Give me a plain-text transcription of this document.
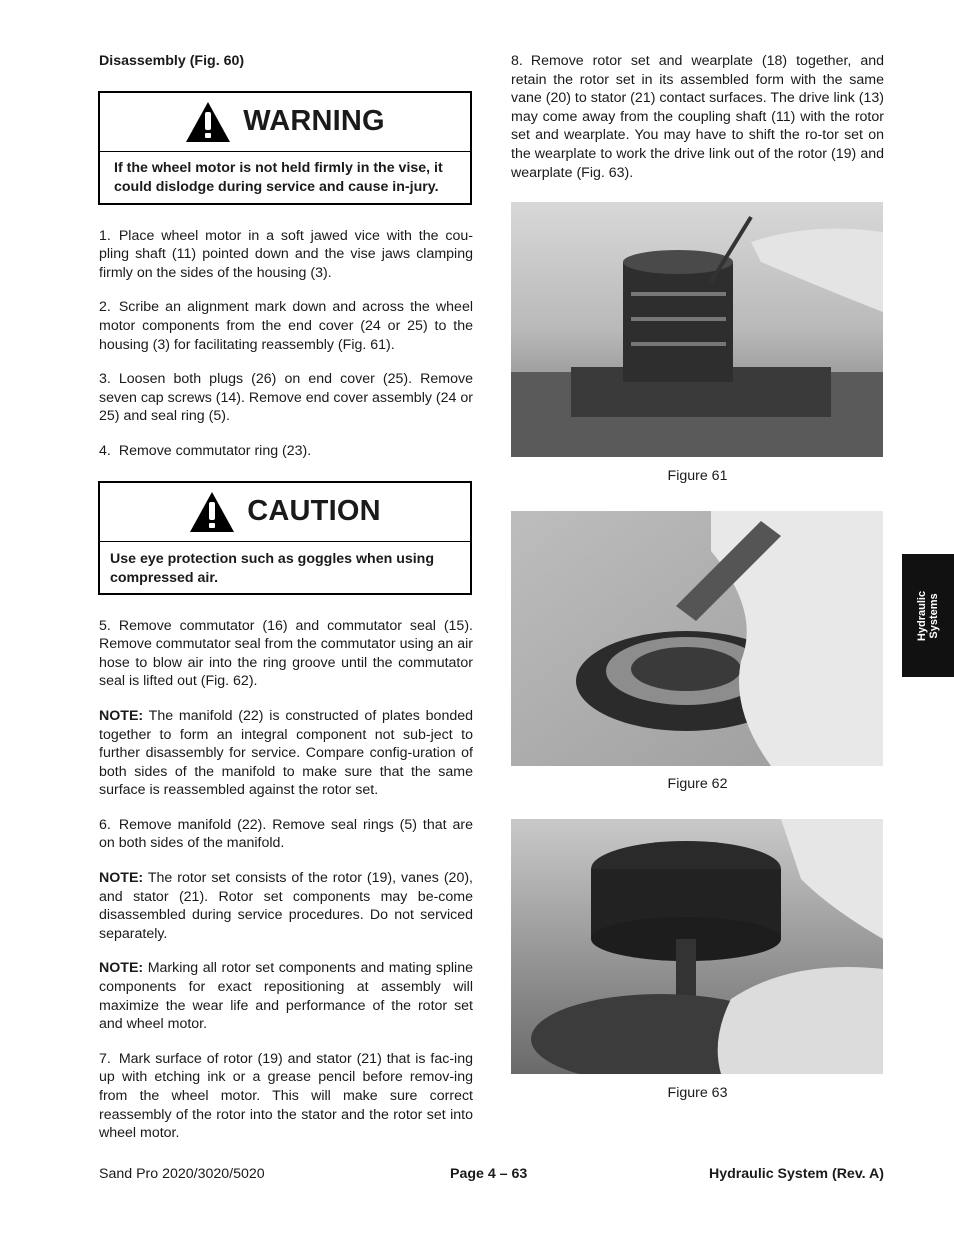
Disassembly (Fig. 60)
WARNING
If the wheel motor is not held firmly in the vise, it could dislodge during service and cause in-jury.

1. Place wheel motor in a soft jawed vice with the cou-pling shaft (11) pointed down and the vise jaws clamping firmly on the sides of the housing (3).

2. Scribe an alignment mark down and across the wheel motor components from the end cover (24 or 25) to the housing (3) for facilitating reassembly (Fig. 61).

3. Loosen both plugs (26) on end cover (25). Remove seven cap screws (14). Remove end cover assembly (24 or 25) and seal ring (5).

4. Remove commutator ring (23).

CAUTION
Use eye protection such as goggles when using compressed air.

5. Remove commutator (16) and commutator seal (15). Remove commutator seal from the commutator using an air hose to blow air into the ring groove until the commutator seal is lifted out (Fig. 62).

NOTE: The manifold (22) is constructed of plates bonded together to form an integral component not sub-ject to further disassembly for service. Compare config-uration of both sides of the manifold to make sure that the same surface is reassembled against the rotor set.

6. Remove manifold (22). Remove seal rings (5) that are on both sides of the manifold.

NOTE: The rotor set consists of the rotor (19), vanes (20), and stator (21). Rotor set components may be-come disassembled during service procedures. Do not serviced separately.

NOTE: Marking all rotor set components and mating spline components for exact repositioning at assembly will maximize the wear life and performance of the rotor set and wheel motor.

7. Mark surface of rotor (19) and stator (21) that is fac-ing up with etching ink or a grease pencil before remov-ing from the wheel motor. This will make sure correct reassembly of the rotor into the stator and the rotor set into wheel motor.

8. Remove rotor set and wearplate (18) together, and retain the rotor set in its assembled form with the same vane (20) to stator (21) contact surfaces. The drive link (13) may come away from the coupling shaft (11) with the rotor set and wearplate. You may have to shift the ro-tor set on the wearplate to work the drive link out of the rotor (19) and wearplate (Fig. 63).

Figure 61
Figure 62
Figure 63
Hydraulic Systems
Sand Pro 2020/3020/5020	Page 4 – 63	Hydraulic System (Rev. A)
